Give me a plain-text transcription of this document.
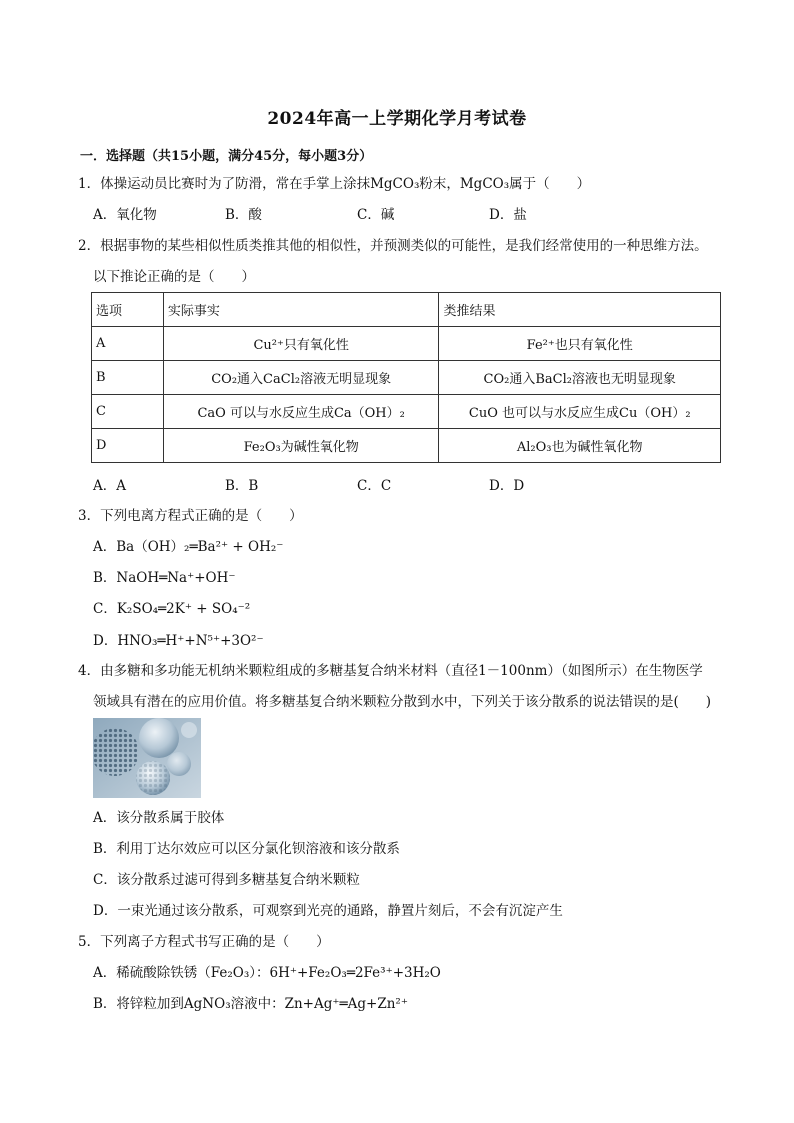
2024年高一上学期化学月考试卷
一．选择题（共15小题，满分45分，每小题3分）
1．体操运动员比赛时为了防滑，常在手掌上涂抹MgCO₃粉末，MgCO₃属于（　　）
A．氧化物	B．酸	C．碱	D．盐
2．根据事物的某些相似性质类推其他的相似性，并预测类似的可能性，是我们经常使用的一种思维方法。
以下推论正确的是（　　）
选项	实际事实	类推结果
A	Cu²⁺只有氧化性	Fe²⁺也只有氧化性
B	CO₂通入CaCl₂溶液无明显现象	CO₂通入BaCl₂溶液也无明显现象
C	CaO 可以与水反应生成Ca（OH）₂	CuO 也可以与水反应生成Cu（OH）₂
D	Fe₂O₃为碱性氧化物	Al₂O₃也为碱性氧化物
A．A	B．B	C．C	D．D
3．下列电离方程式正确的是（　　）
A．Ba（OH）₂═Ba²⁺ + OH₂⁻
B．NaOH═Na⁺+OH⁻
C．K₂SO₄═2K⁺ + SO₄⁻²
D．HNO₃═H⁺+N⁵⁺+3O²⁻
4．由多糖和多功能无机纳米颗粒组成的多糖基复合纳米材料（直径1－100nm）（如图所示）在生物医学
领域具有潜在的应用价值。将多糖基复合纳米颗粒分散到水中，下列关于该分散系的说法错误的是(　　)
A．该分散系属于胶体
B．利用丁达尔效应可以区分氯化钡溶液和该分散系
C．该分散系过滤可得到多糖基复合纳米颗粒
D．一束光通过该分散系，可观察到光亮的通路，静置片刻后，不会有沉淀产生
5．下列离子方程式书写正确的是（　　）
A．稀硫酸除铁锈（Fe₂O₃）：6H⁺+Fe₂O₃═2Fe³⁺+3H₂O
B．将锌粒加到AgNO₃溶液中：Zn+Ag⁺═Ag+Zn²⁺
